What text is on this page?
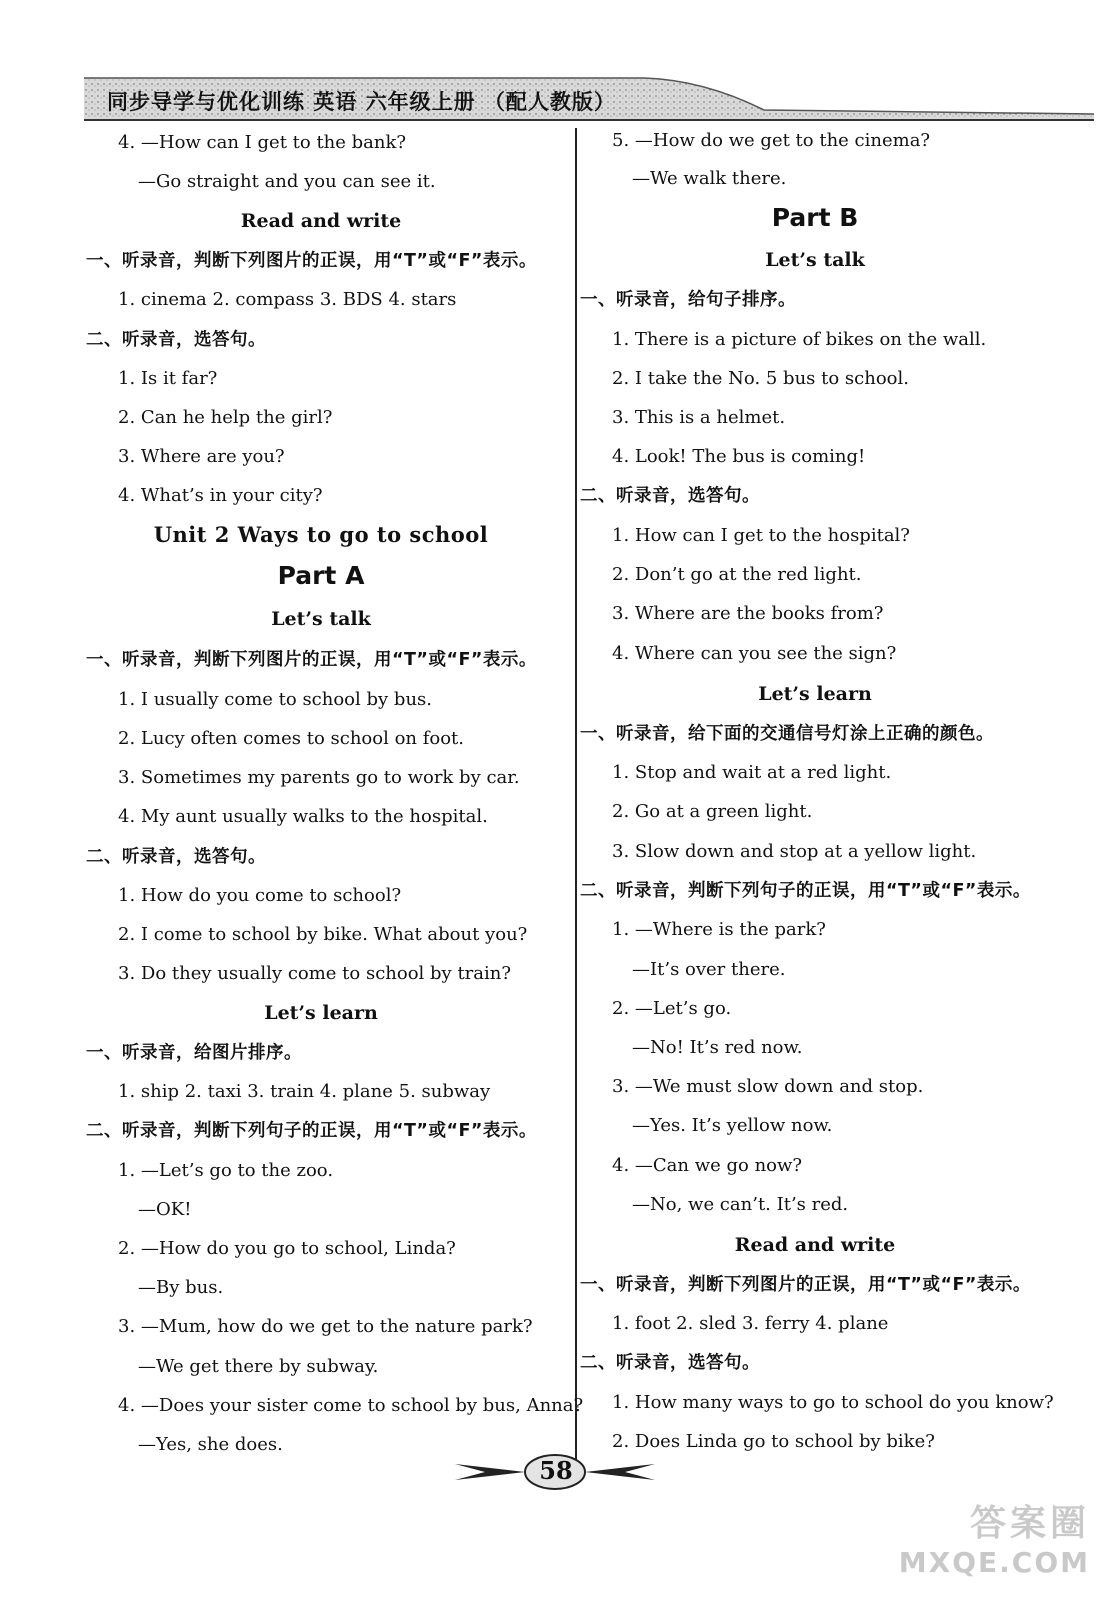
同步导学与优化训练 英语 六年级上册 （配人教版）
4. —How can I get to the bank?
—Go straight and you can see it.
Read and write
一、听录音，判断下列图片的正误，用“T”或“F”表示。
1. cinema 2. compass 3. BDS 4. stars
二、听录音，选答句。
1. Is it far?
2. Can he help the girl?
3. Where are you?
4. What’s in your city?
Unit 2 Ways to go to school
Part A
Let’s talk
一、听录音，判断下列图片的正误，用“T”或“F”表示。
1. I usually come to school by bus.
2. Lucy often comes to school on foot.
3. Sometimes my parents go to work by car.
4. My aunt usually walks to the hospital.
二、听录音，选答句。
1. How do you come to school?
2. I come to school by bike. What about you?
3. Do they usually come to school by train?
Let’s learn
一、听录音，给图片排序。
1. ship 2. taxi 3. train 4. plane 5. subway
二、听录音，判断下列句子的正误，用“T”或“F”表示。
1. —Let’s go to the zoo.
—OK!
2. —How do you go to school, Linda?
—By bus.
3. —Mum, how do we get to the nature park?
—We get there by subway.
4. —Does your sister come to school by bus, Anna?
—Yes, she does.
5. —How do we get to the cinema?
—We walk there.
Part B
Let’s talk
一、听录音，给句子排序。
1. There is a picture of bikes on the wall.
2. I take the No. 5 bus to school.
3. This is a helmet.
4. Look! The bus is coming!
二、听录音，选答句。
1. How can I get to the hospital?
2. Don’t go at the red light.
3. Where are the books from?
4. Where can you see the sign?
Let’s learn
一、听录音，给下面的交通信号灯涂上正确的颜色。
1. Stop and wait at a red light.
2. Go at a green light.
3. Slow down and stop at a yellow light.
二、听录音，判断下列句子的正误，用“T”或“F”表示。
1. —Where is the park?
—It’s over there.
2. —Let’s go.
—No! It’s red now.
3. —We must slow down and stop.
—Yes. It’s yellow now.
4. —Can we go now?
—No, we can’t. It’s red.
Read and write
一、听录音，判断下列图片的正误，用“T”或“F”表示。
1. foot 2. sled 3. ferry 4. plane
二、听录音，选答句。
1. How many ways to go to school do you know?
2. Does Linda go to school by bike?
58
答案圈
MXQE.COM
